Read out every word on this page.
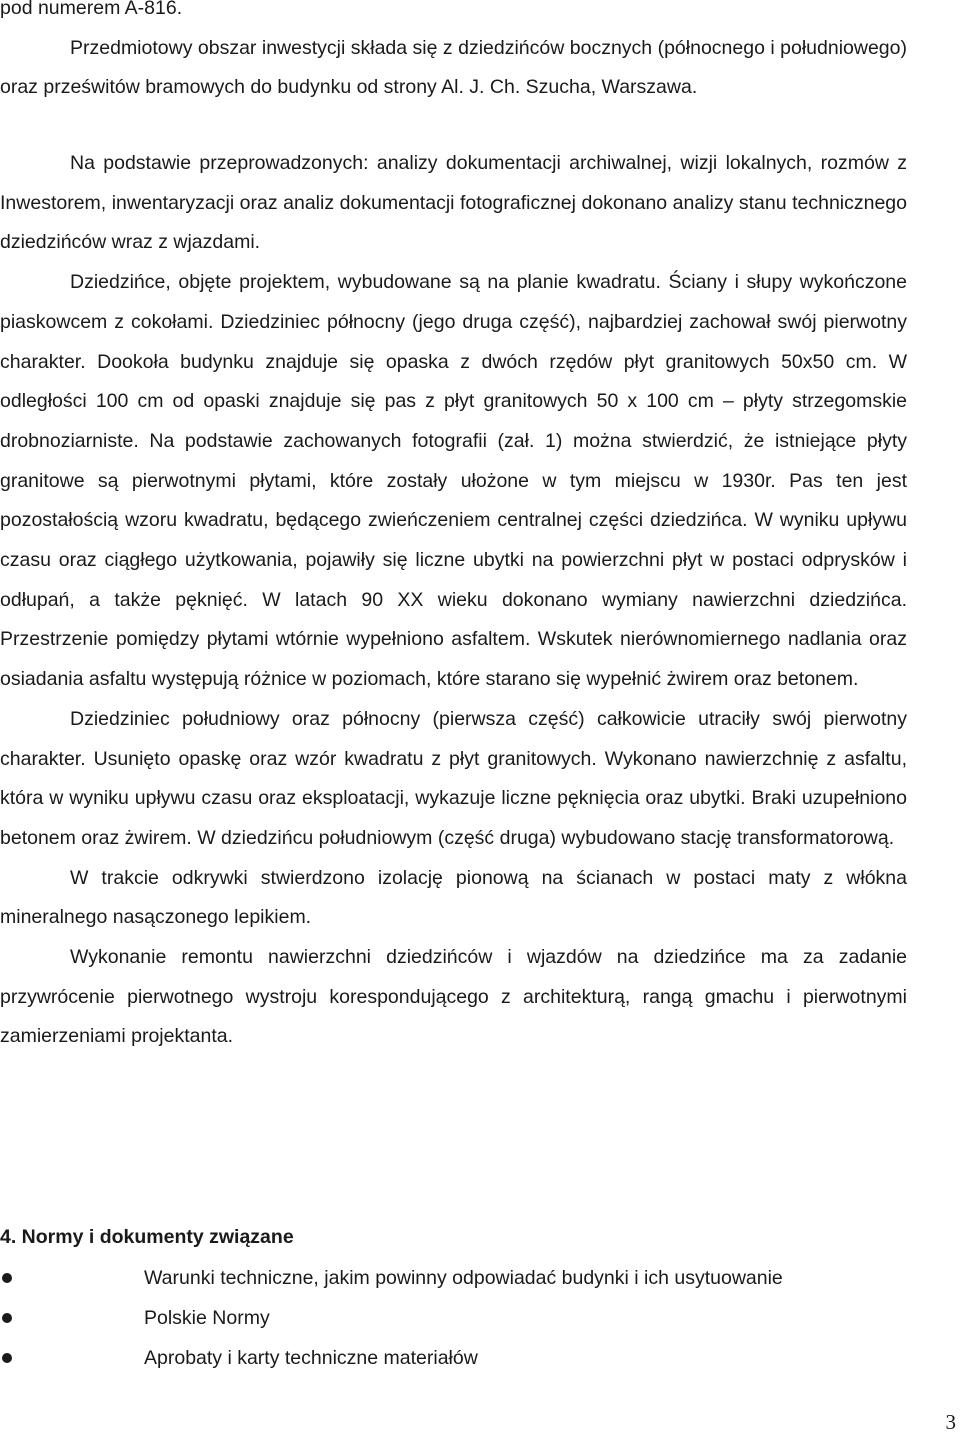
pod numerem A-816.

Przedmiotowy obszar inwestycji składa się z dziedzińców bocznych (północnego i południowego) oraz prześwitów bramowych do budynku od strony Al. J. Ch. Szucha, Warszawa.

Na podstawie przeprowadzonych: analizy dokumentacji archiwalnej, wizji lokalnych, rozmów z Inwestorem, inwentaryzacji oraz analiz dokumentacji fotograficznej dokonano analizy stanu technicznego dziedzińców wraz z wjazdami.

Dziedzińce, objęte projektem, wybudowane są na planie kwadratu. Ściany i słupy wykończone piaskowcem z cokołami. Dziedziniec północny (jego druga część), najbardziej zachował swój pierwotny charakter. Dookoła budynku znajduje się opaska z dwóch rzędów płyt granitowych 50x50 cm. W odległości 100 cm od opaski znajduje się pas z płyt granitowych 50 x 100 cm – płyty strzegomskie drobnoziarniste. Na podstawie zachowanych fotografii (zał. 1) można stwierdzić, że istniejące płyty granitowe są pierwotnymi płytami, które zostały ułożone w tym miejscu w 1930r. Pas ten jest pozostałością wzoru kwadratu, będącego zwieńczeniem centralnej części dziedzińca. W wyniku upływu czasu oraz ciągłego użytkowania, pojawiły się liczne ubytki na powierzchni płyt w postaci odprysków i odłupań, a także pęknięć. W latach 90 XX wieku dokonano wymiany nawierzchni dziedzińca. Przestrzenie pomiędzy płytami wtórnie wypełniono asfaltem. Wskutek nierównomiernego nadlania oraz osiadania asfaltu występują różnice w poziomach, które starano się wypełnić żwirem oraz betonem.

Dziedziniec południowy oraz północny (pierwsza część) całkowicie utraciły swój pierwotny charakter. Usunięto opaskę oraz wzór kwadratu z płyt granitowych. Wykonano nawierzchnię z asfaltu, która w wyniku upływu czasu oraz eksploatacji, wykazuje liczne pęknięcia oraz ubytki. Braki uzupełniono betonem oraz żwirem. W dziedzińcu południowym (część druga) wybudowano stację transformatorową.

W trakcie odkrywki stwierdzono izolację pionową na ścianach w postaci maty z włókna mineralnego nasączonego lepikiem.

Wykonanie remontu nawierzchni dziedzińców i wjazdów na dziedzińce ma za zadanie przywrócenie pierwotnego wystroju korespondującego z architekturą, rangą gmachu i pierwotnymi zamierzeniami projektanta.

4. Normy i dokumenty związane
Warunki techniczne, jakim powinny odpowiadać budynki i ich usytuowanie
Polskie Normy
Aprobaty i karty techniczne materiałów
3
